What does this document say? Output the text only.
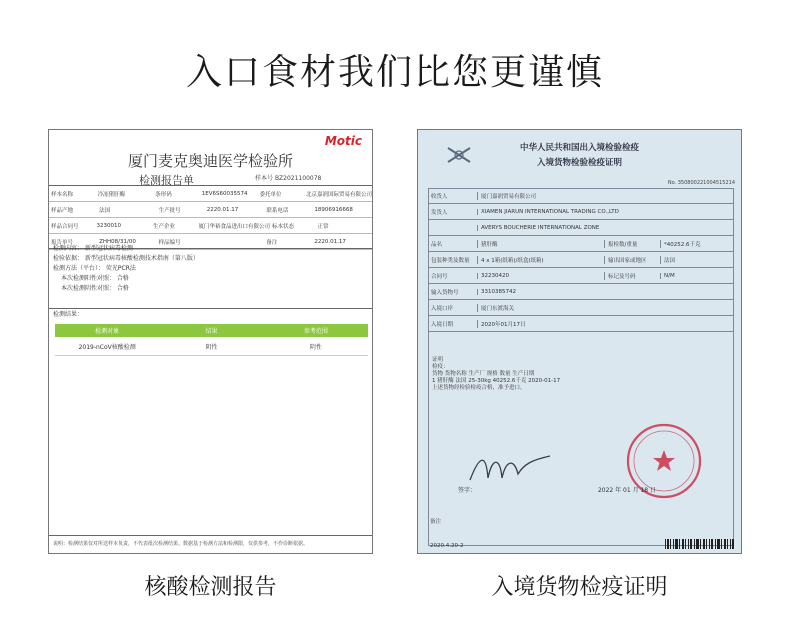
入口食材我们比您更谨慎
Motic
厦门麦克奥迪医学检验所
检测报告单	样本号 BZ2021100078
样本名称	冷冻猪肝酶	条形码	1EV6S60035574	委托单位	北京嘉润国际贸易有限公司
样品产地	法国	生产批号	2220.01.17	联系电话	18906916668
样品合同号	3230010	生产企业	厦门华裕食品进出口有限公司 标本状态	正常
报告单号	ZHH08/31/00	样品编号	备注	2220.01.17
检测内容： 新型冠状病毒检测
检验依据： 新型冠状病毒核酸检测技术指南（第八版）
检测方法（平台）： 荧光PCR法
本次检测阳性对照： 合格
本次检测阴性对照： 合格
检测结果：
检测对象	结果	参考范围
2019-nCoV核酸检测	阴性	阴性
说明：检测结果仅对所送样本负责，不代表批次检测结果。数据基于检测方法和检测限，仅供参考，不作诊断依据。
中华人民共和国出入境检验检疫
入境货物检验检疫证明
No. 350800221004515214
收货人	厦门嘉润贸易有限公司
发货人	XIAMEN JIARUN INTERNATIONAL TRADING CO.,LTD
AVERYS BOUCHERIE INTERNATIONAL ZONE
品名	猪肝酶	报检数/重量	*40252.6千克
包装种类及数量	4 x 1箱(纸箱)/纸盒(纸箱)	输出国家或地区	法国
合同号	32230420	标记及号码	N/M
输入货物号	3310385742
入境口岸	厦门东渡海关
入境日期	2020年01月17日
证明
检疫：
货物 货物名称 生产厂 规格 数量 生产日期
1 猪肝酶 法国 25-30kg 40252.6千克 2020-01-17
上述货物经检验检疫合格，准予进口。
签字：	2022 年 01 月 18 日
备注
2020.4.20-2
核酸检测报告	入境货物检疫证明
